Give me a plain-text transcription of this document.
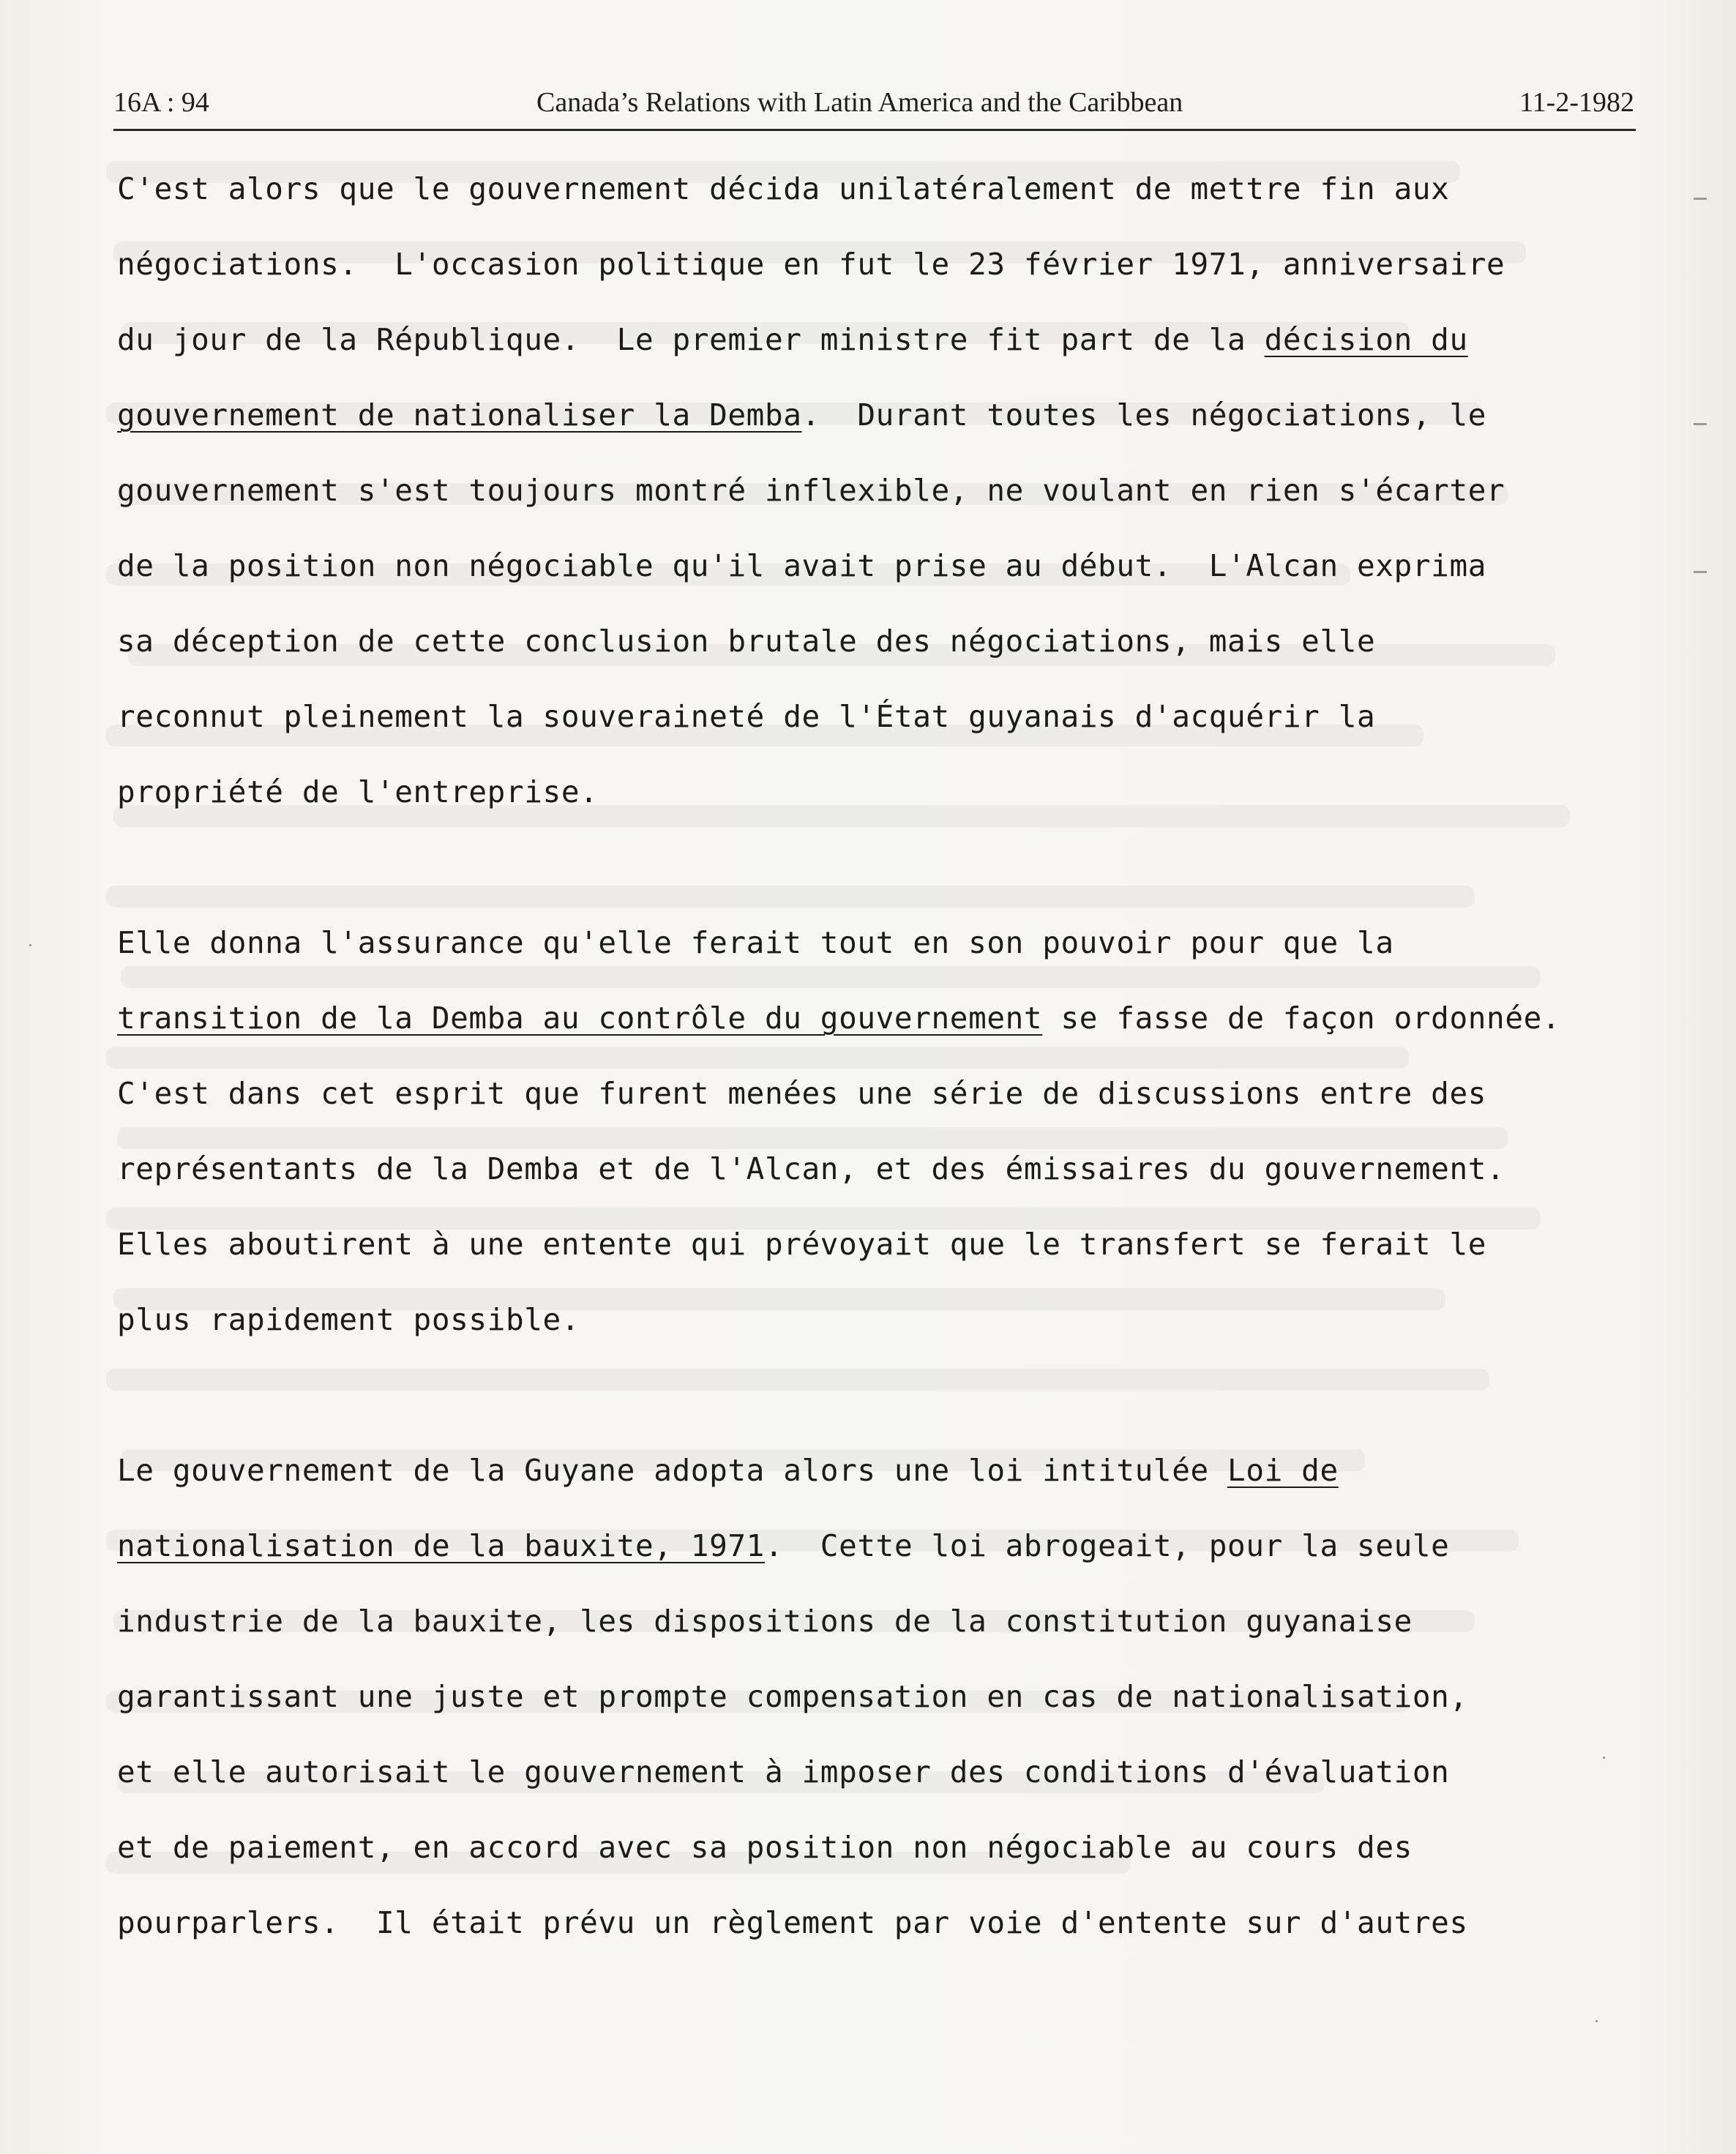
16A : 94	Canada’s Relations with Latin America and the Caribbean	11-2-1982
C'est alors que le gouvernement décida unilatéralement de mettre fin aux
négociations.  L'occasion politique en fut le 23 février 1971, anniversaire
du jour de la République.  Le premier ministre fit part de la décision du
gouvernement de nationaliser la Demba.  Durant toutes les négociations, le
gouvernement s'est toujours montré inflexible, ne voulant en rien s'écarter
de la position non négociable qu'il avait prise au début.  L'Alcan exprima
sa déception de cette conclusion brutale des négociations, mais elle
reconnut pleinement la souveraineté de l'État guyanais d'acquérir la
propriété de l'entreprise.
Elle donna l'assurance qu'elle ferait tout en son pouvoir pour que la
transition de la Demba au contrôle du gouvernement se fasse de façon ordonnée.
C'est dans cet esprit que furent menées une série de discussions entre des
représentants de la Demba et de l'Alcan, et des émissaires du gouvernement.
Elles aboutirent à une entente qui prévoyait que le transfert se ferait le
plus rapidement possible.
Le gouvernement de la Guyane adopta alors une loi intitulée Loi de
nationalisation de la bauxite, 1971.  Cette loi abrogeait, pour la seule
industrie de la bauxite, les dispositions de la constitution guyanaise
garantissant une juste et prompte compensation en cas de nationalisation,
et elle autorisait le gouvernement à imposer des conditions d'évaluation
et de paiement, en accord avec sa position non négociable au cours des
pourparlers.  Il était prévu un règlement par voie d'entente sur d'autres
